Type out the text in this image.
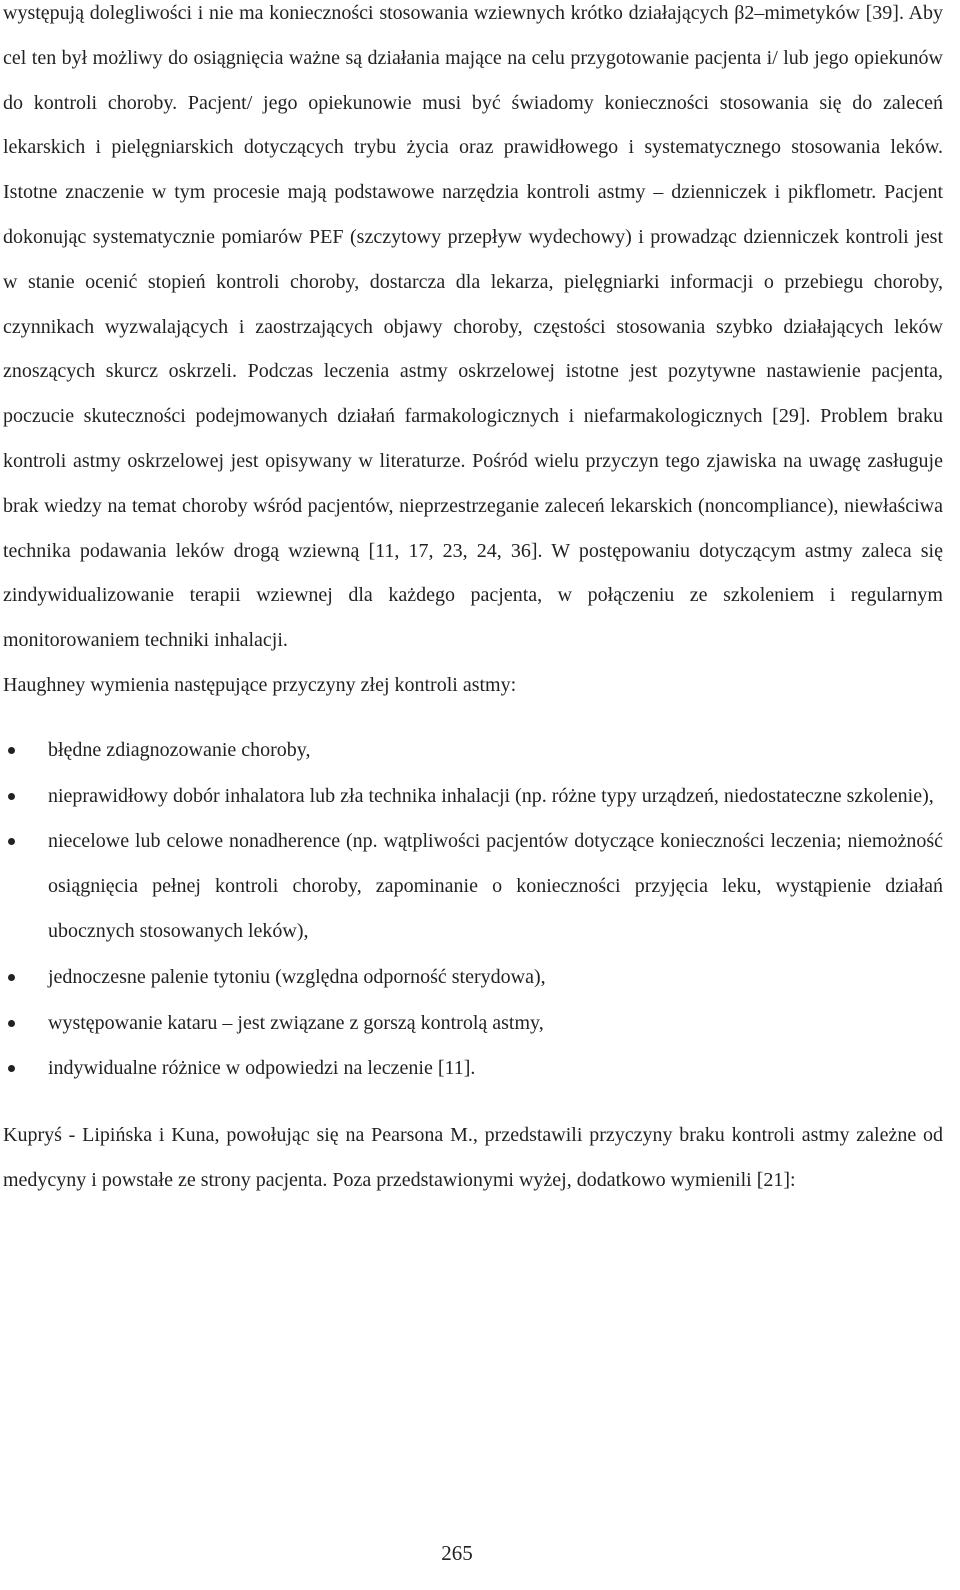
występują dolegliwości i nie ma konieczności stosowania wziewnych krótko działających β2–mimetyków [39]. Aby cel ten był możliwy do osiągnięcia ważne są działania mające na celu przygotowanie pacjenta i/ lub jego opiekunów do kontroli choroby. Pacjent/ jego opiekunowie musi być świadomy konieczności stosowania się do zaleceń lekarskich i pielęgniarskich dotyczących trybu życia oraz prawidłowego i systematycznego stosowania leków. Istotne znaczenie w tym procesie mają podstawowe narzędzia kontroli astmy – dzienniczek i pikflometr. Pacjent dokonując systematycznie pomiarów PEF (szczytowy przepływ wydechowy) i prowadząc dzienniczek kontroli jest w stanie ocenić stopień kontroli choroby, dostarcza dla lekarza, pielęgniarki informacji o przebiegu choroby, czynnikach wyzwalających i zaostrzających objawy choroby, częstości stosowania szybko działających leków znoszących skurcz oskrzeli. Podczas leczenia astmy oskrzelowej istotne jest pozytywne nastawienie pacjenta, poczucie skuteczności podejmowanych działań farmakologicznych i niefarmakologicznych [29]. Problem braku kontroli astmy oskrzelowej jest opisywany w literaturze. Pośród wielu przyczyn tego zjawiska na uwagę zasługuje brak wiedzy na temat choroby wśród pacjentów, nieprzestrzeganie zaleceń lekarskich (noncompliance), niewłaściwa technika podawania leków drogą wziewną [11, 17, 23, 24, 36]. W postępowaniu dotyczącym astmy zaleca się zindywidualizowanie terapii wziewnej dla każdego pacjenta, w połączeniu ze szkoleniem i regularnym monitorowaniem techniki inhalacji.

Haughney wymienia następujące przyczyny złej kontroli astmy:

błędne zdiagnozowanie choroby,
nieprawidłowy dobór inhalatora lub zła technika inhalacji (np. różne typy urządzeń, niedostateczne szkolenie),
niecelowe lub celowe nonadherence (np. wątpliwości pacjentów dotyczące konieczności leczenia; niemożność osiągnięcia pełnej kontroli choroby, zapominanie o konieczności przyjęcia leku, wystąpienie działań ubocznych stosowanych leków),
jednoczesne palenie tytoniu (względna odporność sterydowa),
występowanie kataru – jest związane z gorszą kontrolą astmy,
indywidualne różnice w odpowiedzi na leczenie [11].

Kupryś - Lipińska i Kuna, powołując się na Pearsona M., przedstawili przyczyny braku kontroli astmy zależne od medycyny i powstałe ze strony pacjenta. Poza przedstawionymi wyżej, dodatkowo wymienili [21]:

265
